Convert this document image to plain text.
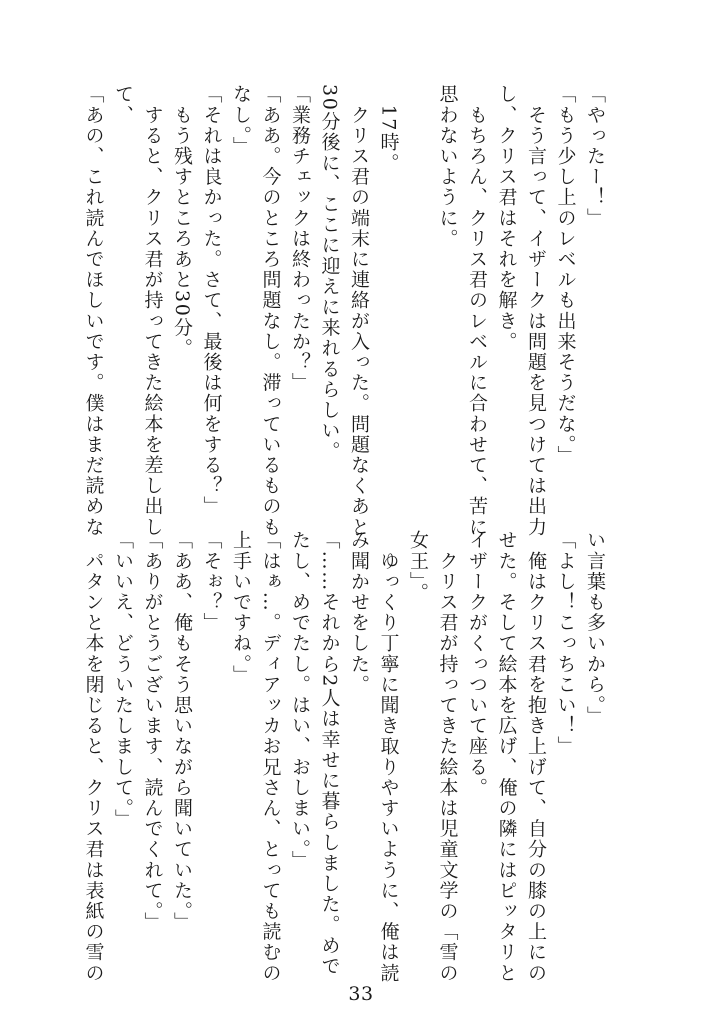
「やったー！」
「もう少し上のレベルも出来そうだな。」
　そう言って、イザークは問題を見つけては出力
し、クリス君はそれを解き。
　もちろん、クリス君のレベルに合わせて、苦に
思わないように。
　17時。
　クリス君の端末に連絡が入った。問題なくあと
30分後に、ここに迎えに来れるらしい。
「業務チェックは終わったか？」
「ああ。今のところ問題なし。滞っているものも
なし。」
「それは良かった。さて、最後は何をする？」
　もう残すところあと30分。
　すると、クリス君が持ってきた絵本を差し出し
て、
「あの、これ読んでほしいです。僕はまだ読めな
い言葉も多いから。」
「よし！こっちこい！」
　俺はクリス君を抱き上げて、自分の膝の上にの
せた。そして絵本を広げ、俺の隣にはピッタリと
イザークがくっついて座る。
　クリス君が持ってきた絵本は児童文学の「雪の
女王」。
　ゆっくり丁寧に聞き取りやすいように、俺は読
み聞かせをした。
「……それから2人は幸せに暮らしました。めで
たし、めでたし。はい、おしまい。」
「はぁ…。ディアッカお兄さん、とっても読むの
上手いですね。」
「そぉ？」
「ああ、俺もそう思いながら聞いていた。」
「ありがとうございます、読んでくれて。」
「いいえ、どういたしまして。」
　パタンと本を閉じると、クリス君は表紙の雪の
33
